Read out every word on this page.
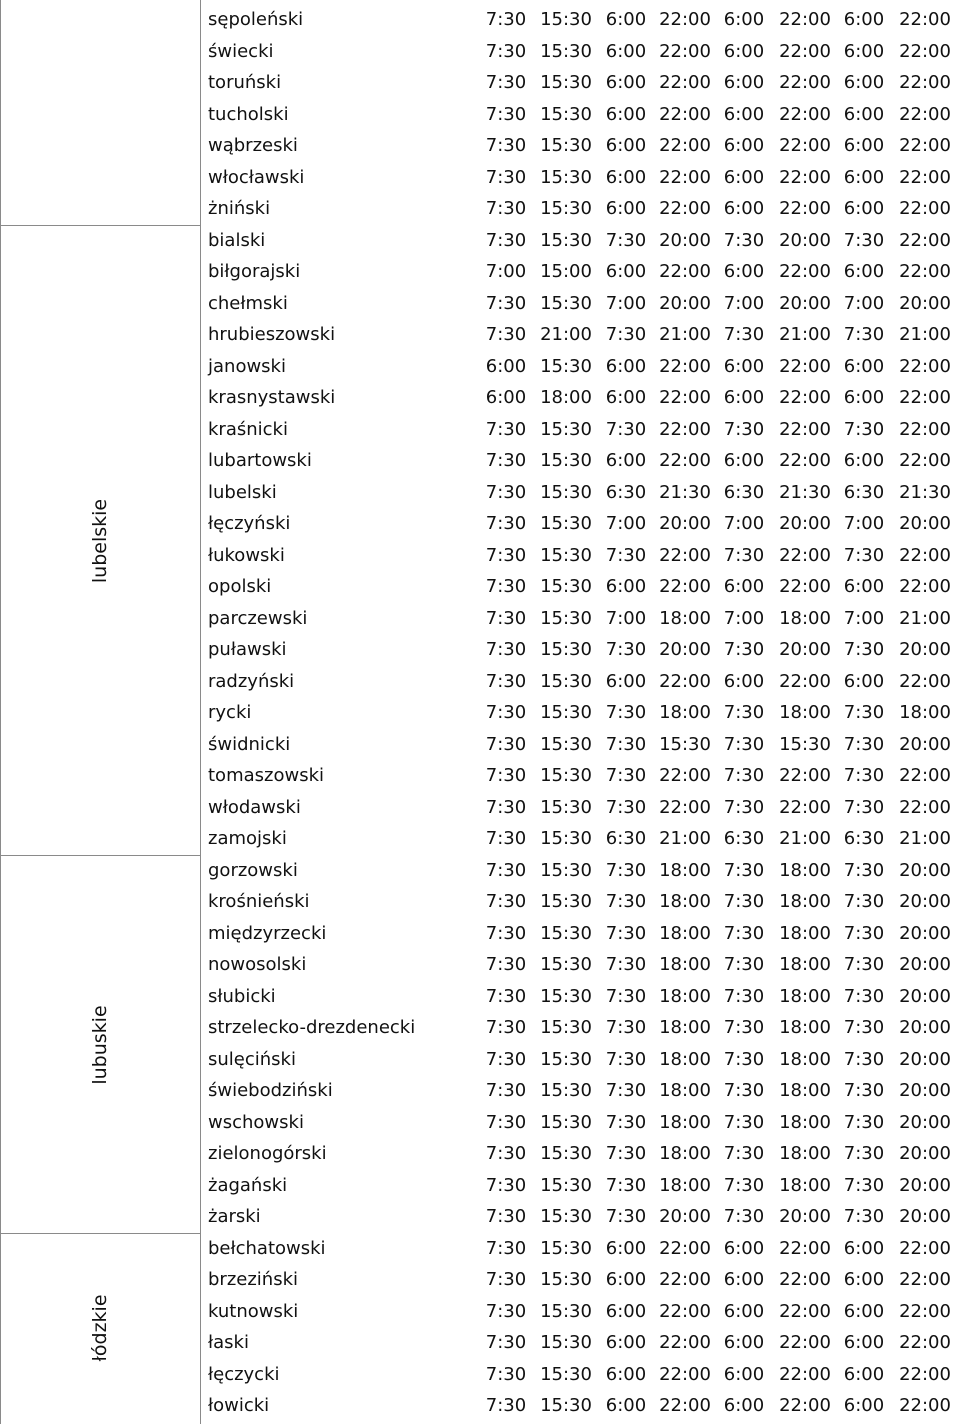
sępoleński	7:30 15:30 6:00 22:00 6:00 22:00 6:00 22:00
świecki	7:30 15:30 6:00 22:00 6:00 22:00 6:00 22:00
toruński	7:30 15:30 6:00 22:00 6:00 22:00 6:00 22:00
tucholski	7:30 15:30 6:00 22:00 6:00 22:00 6:00 22:00
wąbrzeski	7:30 15:30 6:00 22:00 6:00 22:00 6:00 22:00
włocławski	7:30 15:30 6:00 22:00 6:00 22:00 6:00 22:00
żniński	7:30 15:30 6:00 22:00 6:00 22:00 6:00 22:00
bialski	7:30 15:30 7:30 20:00 7:30 20:00 7:30 22:00
biłgorajski	7:00 15:00 6:00 22:00 6:00 22:00 6:00 22:00
chełmski	7:30 15:30 7:00 20:00 7:00 20:00 7:00 20:00
hrubieszowski	7:30 21:00 7:30 21:00 7:30 21:00 7:30 21:00
janowski	6:00 15:30 6:00 22:00 6:00 22:00 6:00 22:00
krasnystawski	6:00 18:00 6:00 22:00 6:00 22:00 6:00 22:00
kraśnicki	7:30 15:30 7:30 22:00 7:30 22:00 7:30 22:00
lubartowski	7:30 15:30 6:00 22:00 6:00 22:00 6:00 22:00
lubelski	7:30 15:30 6:30 21:30 6:30 21:30 6:30 21:30
łęczyński	7:30 15:30 7:00 20:00 7:00 20:00 7:00 20:00
łukowski	7:30 15:30 7:30 22:00 7:30 22:00 7:30 22:00
opolski	7:30 15:30 6:00 22:00 6:00 22:00 6:00 22:00
parczewski	7:30 15:30 7:00 18:00 7:00 18:00 7:00 21:00
puławski	7:30 15:30 7:30 20:00 7:30 20:00 7:30 20:00
radzyński	7:30 15:30 6:00 22:00 6:00 22:00 6:00 22:00
rycki	7:30 15:30 7:30 18:00 7:30 18:00 7:30 18:00
świdnicki	7:30 15:30 7:30 15:30 7:30 15:30 7:30 20:00
tomaszowski	7:30 15:30 7:30 22:00 7:30 22:00 7:30 22:00
włodawski	7:30 15:30 7:30 22:00 7:30 22:00 7:30 22:00
zamojski	7:30 15:30 6:30 21:00 6:30 21:00 6:30 21:00
lubelskie
gorzowski	7:30 15:30 7:30 18:00 7:30 18:00 7:30 20:00
krośnieński	7:30 15:30 7:30 18:00 7:30 18:00 7:30 20:00
międzyrzecki	7:30 15:30 7:30 18:00 7:30 18:00 7:30 20:00
nowosolski	7:30 15:30 7:30 18:00 7:30 18:00 7:30 20:00
słubicki	7:30 15:30 7:30 18:00 7:30 18:00 7:30 20:00
strzelecko-drezdenecki	7:30 15:30 7:30 18:00 7:30 18:00 7:30 20:00
sulęciński	7:30 15:30 7:30 18:00 7:30 18:00 7:30 20:00
świebodziński	7:30 15:30 7:30 18:00 7:30 18:00 7:30 20:00
wschowski	7:30 15:30 7:30 18:00 7:30 18:00 7:30 20:00
zielonogórski	7:30 15:30 7:30 18:00 7:30 18:00 7:30 20:00
żagański	7:30 15:30 7:30 18:00 7:30 18:00 7:30 20:00
żarski	7:30 15:30 7:30 20:00 7:30 20:00 7:30 20:00
lubuskie
bełchatowski	7:30 15:30 6:00 22:00 6:00 22:00 6:00 22:00
brzeziński	7:30 15:30 6:00 22:00 6:00 22:00 6:00 22:00
kutnowski	7:30 15:30 6:00 22:00 6:00 22:00 6:00 22:00
łaski	7:30 15:30 6:00 22:00 6:00 22:00 6:00 22:00
łęczycki	7:30 15:30 6:00 22:00 6:00 22:00 6:00 22:00
łowicki	7:30 15:30 6:00 22:00 6:00 22:00 6:00 22:00
łódzkie
